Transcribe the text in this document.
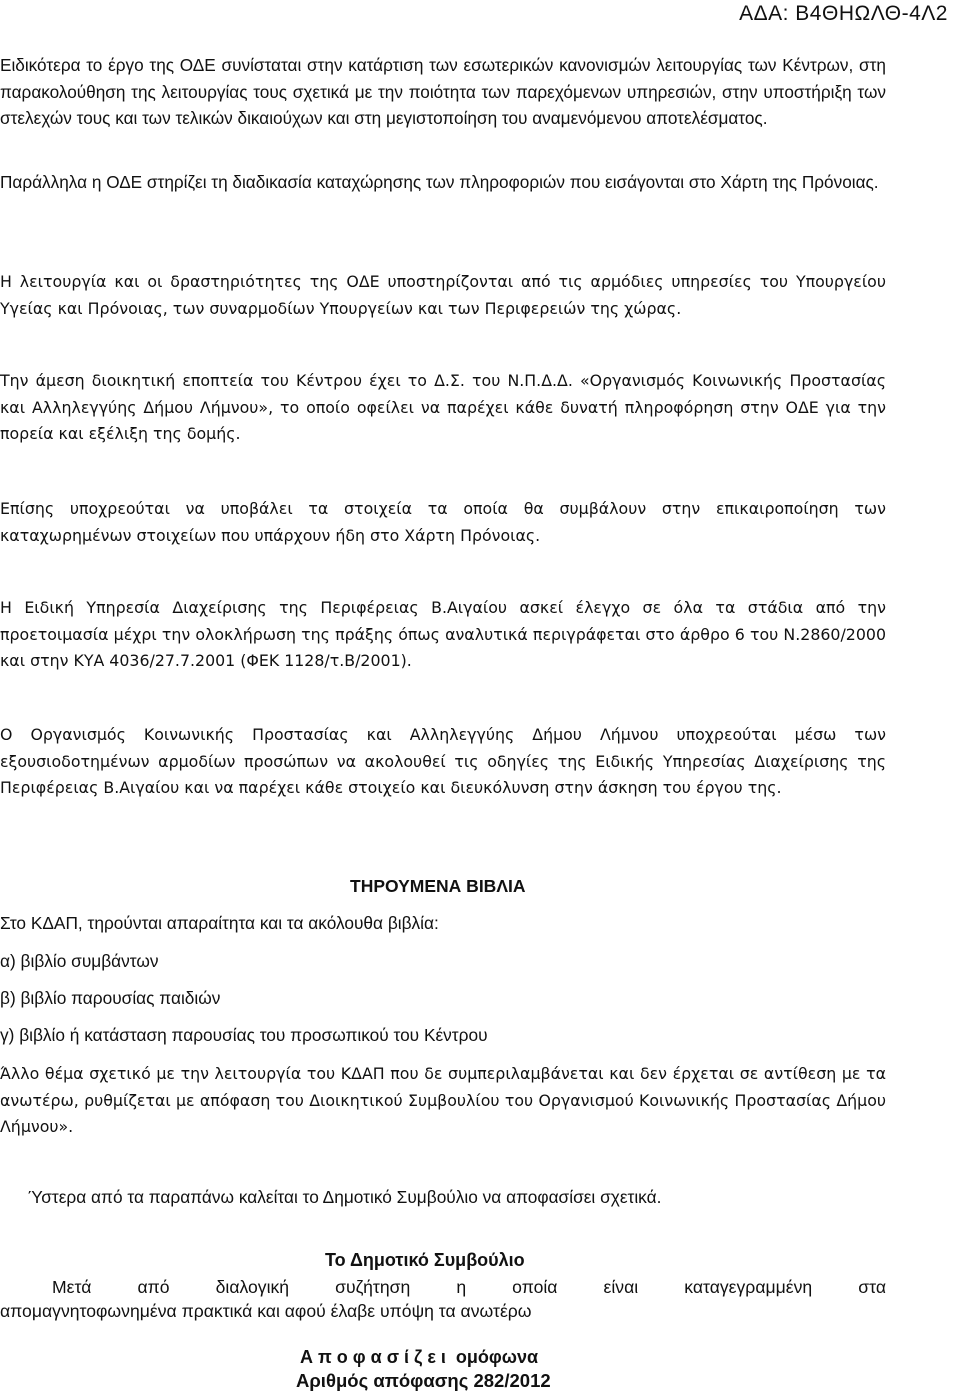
ΑΔΑ: Β4ΘΗΩΛΘ-4Λ2

Ειδικότερα το έργο της ΟΔΕ συνίσταται στην κατάρτιση των εσωτερικών κανονισμών λειτουργίας των Κέντρων, στη παρακολούθηση της λειτουργίας τους σχετικά με την ποιότητα των παρεχόμενων υπηρεσιών, στην υποστήριξη των στελεχών τους και των τελικών δικαιούχων και στη μεγιστοποίηση του αναμενόμενου αποτελέσματος.

Παράλληλα η ΟΔΕ στηρίζει τη διαδικασία καταχώρησης των πληροφοριών που εισάγονται στο Χάρτη της Πρόνοιας.

Η λειτουργία και οι δραστηριότητες της ΟΔΕ υποστηρίζονται από τις αρμόδιες υπηρεσίες του Υπουργείου Υγείας και Πρόνοιας, των συναρμοδίων Υπουργείων και των Περιφερειών της χώρας.

Την άμεση διοικητική εποπτεία του Κέντρου έχει το Δ.Σ. του Ν.Π.Δ.Δ. «Οργανισμός Κοινωνικής Προστασίας και Αλληλεγγύης Δήμου Λήμνου», το οποίο οφείλει να παρέχει κάθε δυνατή πληροφόρηση στην ΟΔΕ για την πορεία και εξέλιξη της δομής.

Επίσης υποχρεούται να υποβάλει τα στοιχεία τα οποία θα συμβάλουν στην επικαιροποίηση των καταχωρημένων στοιχείων που υπάρχουν ήδη στο Χάρτη Πρόνοιας.

Η Ειδική Υπηρεσία Διαχείρισης της Περιφέρειας Β.Αιγαίου ασκεί έλεγχο σε όλα τα στάδια από την προετοιμασία μέχρι την ολοκλήρωση της πράξης όπως αναλυτικά περιγράφεται στο άρθρο 6 του Ν.2860/2000 και στην ΚΥΑ 4036/27.7.2001 (ΦΕΚ 1128/τ.Β/2001).

Ο Οργανισμός Κοινωνικής Προστασίας και Αλληλεγγύης Δήμου Λήμνου υποχρεούται μέσω των εξουσιοδοτημένων αρμοδίων προσώπων να ακολουθεί τις οδηγίες της Ειδικής Υπηρεσίας Διαχείρισης της Περιφέρειας Β.Αιγαίου και να παρέχει κάθε στοιχείο και διευκόλυνση στην άσκηση του έργου της.

ΤΗΡΟΥΜΕΝΑ ΒΙΒΛΙΑ

Στο ΚΔΑΠ, τηρούνται απαραίτητα και τα ακόλουθα βιβλία:

α) βιβλίο συμβάντων

β) βιβλίο παρουσίας παιδιών

γ) βιβλίο ή κατάσταση παρουσίας του προσωπικού του Κέντρου

Άλλο θέμα σχετικό με την λειτουργία του ΚΔΑΠ που δε συμπεριλαμβάνεται και δεν έρχεται σε αντίθεση με τα ανωτέρω, ρυθμίζεται με απόφαση του Διοικητικού Συμβουλίου του Οργανισμού Κοινωνικής Προστασίας Δήμου Λήμνου».

Ύστερα από τα παραπάνω καλείται το Δημοτικό Συμβούλιο να αποφασίσει σχετικά.

Το Δημοτικό Συμβούλιο

Μετά από διαλογική συζήτηση η οποία είναι καταγεγραμμένη στα

απομαγνητοφωνημένα πρακτικά και αφού έλαβε υπόψη τα ανωτέρω

Α π ο φ α σ ί ζ ε ι  ομόφωνα

Αριθμός απόφασης 282/2012
